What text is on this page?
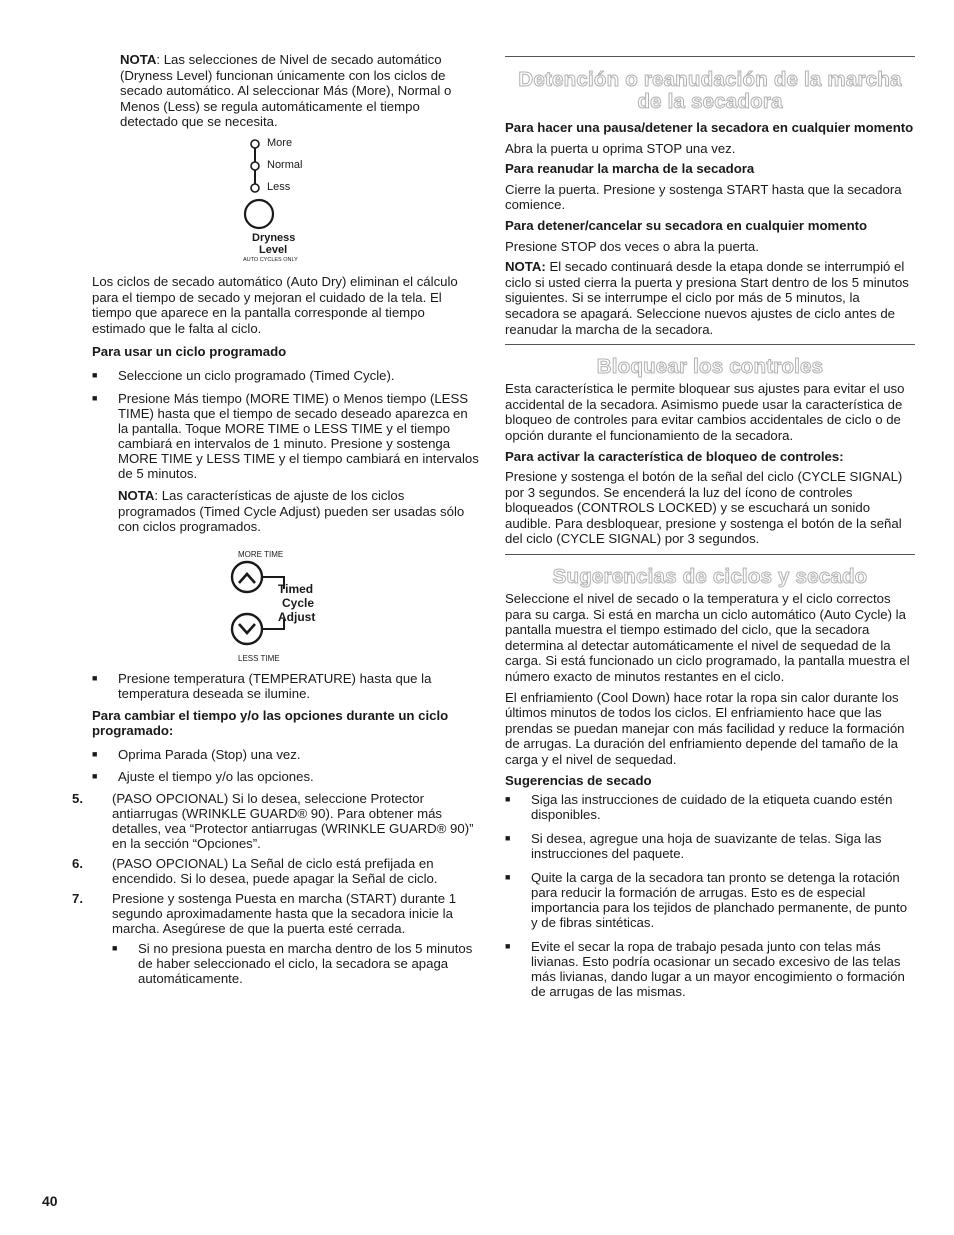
NOTA: Las selecciones de Nivel de secado automático (Dryness Level) funcionan únicamente con los ciclos de secado automático. Al seleccionar Más (More), Normal o Menos (Less) se regula automáticamente el tiempo detectado que se necesita.

More
Normal
Less
Dryness
Level
AUTO CYCLES ONLY

Los ciclos de secado automático (Auto Dry) eliminan el cálculo para el tiempo de secado y mejoran el cuidado de la tela. El tiempo que aparece en la pantalla corresponde al tiempo estimado que le falta al ciclo.

Para usar un ciclo programado

■ Seleccione un ciclo programado (Timed Cycle).
■ Presione Más tiempo (MORE TIME) o Menos tiempo (LESS TIME) hasta que el tiempo de secado deseado aparezca en la pantalla. Toque MORE TIME o LESS TIME y el tiempo cambiará en intervalos de 1 minuto. Presione y sostenga MORE TIME y LESS TIME y el tiempo cambiará en intervalos de 5 minutos.

NOTA: Las características de ajuste de los ciclos programados (Timed Cycle Adjust) pueden ser usadas sólo con ciclos programados.

MORE TIME
LESS TIME
Timed
Cycle
Adjust
■ Presione temperatura (TEMPERATURE) hasta que la temperatura deseada se ilumine.

Para cambiar el tiempo y/o las opciones durante un ciclo programado:

■ Oprima Parada (Stop) una vez.
■ Ajuste el tiempo y/o las opciones.
5. (PASO OPCIONAL) Si lo desea, seleccione Protector antiarrugas (WRINKLE GUARD® 90). Para obtener más detalles, vea “Protector antiarrugas (WRINKLE GUARD® 90)” en la sección “Opciones”.
6. (PASO OPCIONAL) La Señal de ciclo está prefijada en encendido. Si lo desea, puede apagar la Señal de ciclo.
7. Presione y sostenga Puesta en marcha (START) durante 1 segundo aproximadamente hasta que la secadora inicie la marcha. Asegúrese de que la puerta esté cerrada.
■ Si no presiona puesta en marcha dentro de los 5 minutos de haber seleccionado el ciclo, la secadora se apaga automáticamente.
Detención o reanudación de la marcha de la secadora

Para hacer una pausa/detener la secadora en cualquier momento

Abra la puerta u oprima STOP una vez.

Para reanudar la marcha de la secadora

Cierre la puerta. Presione y sostenga START hasta que la secadora comience.

Para detener/cancelar su secadora en cualquier momento

Presione STOP dos veces o abra la puerta.

NOTA: El secado continuará desde la etapa donde se interrumpió el ciclo si usted cierra la puerta y presiona Start dentro de los 5 minutos siguientes. Si se interrumpe el ciclo por más de 5 minutos, la secadora se apagará. Seleccione nuevos ajustes de ciclo antes de reanudar la marcha de la secadora.

Bloquear los controles

Esta característica le permite bloquear sus ajustes para evitar el uso accidental de la secadora. Asimismo puede usar la característica de bloqueo de controles para evitar cambios accidentales de ciclo o de opción durante el funcionamiento de la secadora.

Para activar la característica de bloqueo de controles:

Presione y sostenga el botón de la señal del ciclo (CYCLE SIGNAL) por 3 segundos. Se encenderá la luz del ícono de controles bloqueados (CONTROLS LOCKED) y se escuchará un sonido audible. Para desbloquear, presione y sostenga el botón de la señal del ciclo (CYCLE SIGNAL) por 3 segundos.

Sugerencias de ciclos y secado

Seleccione el nivel de secado o la temperatura y el ciclo correctos para su carga. Si está en marcha un ciclo automático (Auto Cycle) la pantalla muestra el tiempo estimado del ciclo, que la secadora determina al detectar automáticamente el nivel de sequedad de la carga. Si está funcionado un ciclo programado, la pantalla muestra el número exacto de minutos restantes en el ciclo.

El enfriamiento (Cool Down) hace rotar la ropa sin calor durante los últimos minutos de todos los ciclos. El enfriamiento hace que las prendas se puedan manejar con más facilidad y reduce la formación de arrugas. La duración del enfriamiento depende del tamaño de la carga y el nivel de sequedad.

Sugerencias de secado

■ Siga las instrucciones de cuidado de la etiqueta cuando estén disponibles.
■ Si desea, agregue una hoja de suavizante de telas. Siga las instrucciones del paquete.
■ Quite la carga de la secadora tan pronto se detenga la rotación para reducir la formación de arrugas. Esto es de especial importancia para los tejidos de planchado permanente, de punto y de fibras sintéticas.
■ Evite el secar la ropa de trabajo pesada junto con telas más livianas. Esto podría ocasionar un secado excesivo de las telas más livianas, dando lugar a un mayor encogimiento o formación de arrugas de las mismas.
40
